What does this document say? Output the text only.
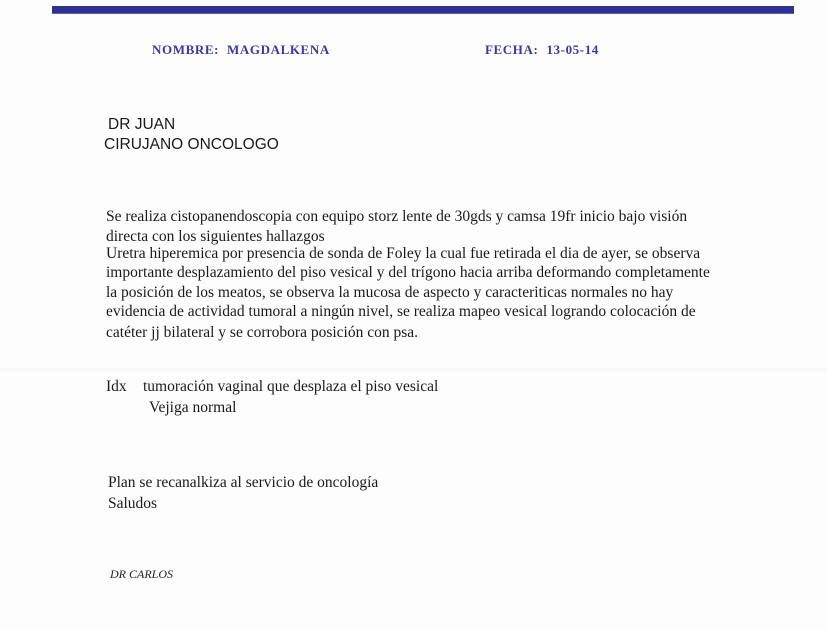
NOMBRE: MAGDALKENA	FECHA: 13-05-14
DR JUAN
CIRUJANO ONCOLOGO
Se realiza cistopanendoscopia con equipo storz lente de 30gds y camsa 19fr inicio bajo visión
directa con los siguientes hallazgos
Uretra hiperemica por presencia de sonda de Foley la cual fue retirada el dia de ayer, se observa
importante desplazamiento del piso vesical y del trígono hacia arriba deformando completamente
la posición de los meatos, se observa la mucosa de aspecto y caracteriticas normales no hay
evidencia de actividad tumoral a ningún nivel, se realiza mapeo vesical logrando colocación de
catéter jj bilateral y se corrobora posición con psa.
Idx tumoración vaginal que desplaza el piso vesical
Vejiga normal
Plan se recanalkiza al servicio de oncología
Saludos
DR CARLOS
